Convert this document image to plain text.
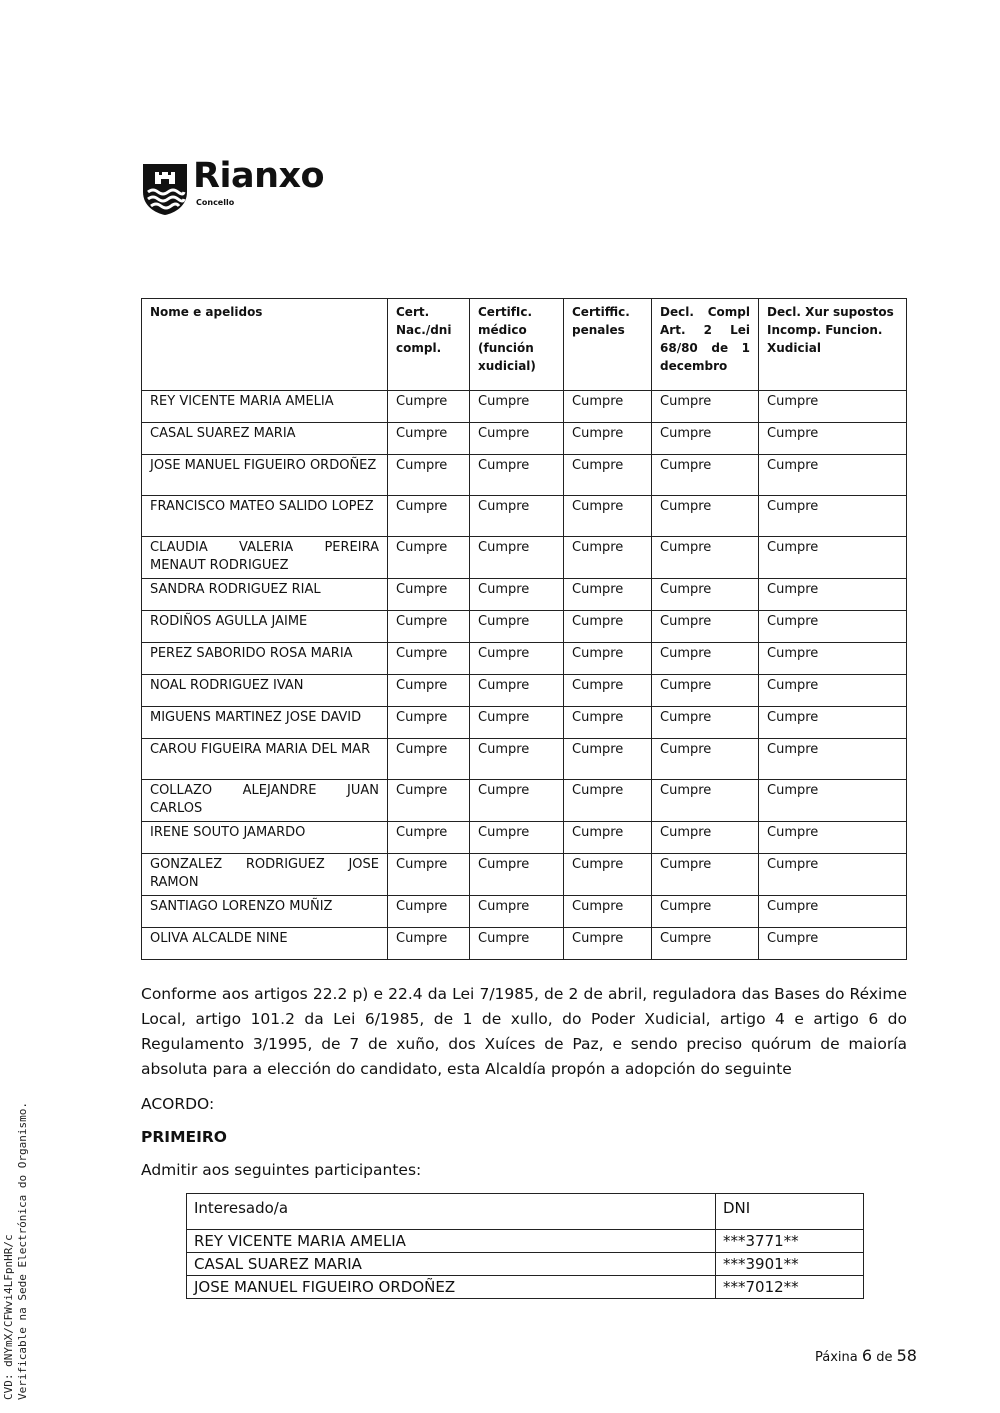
Rianxo
Concello
Nome e apelidos	Cert. Nac./dni compl.	CertifIc. médico (función xudicial)	Certiffic. penales	Decl. Compl Art. 2 Lei 68/80 de 1 decembro	Decl. Xur supostos Incomp. Funcion. Xudicial
REY VICENTE MARIA AMELIA	Cumpre	Cumpre	Cumpre	Cumpre	Cumpre
CASAL SUAREZ MARIA	Cumpre	Cumpre	Cumpre	Cumpre	Cumpre
JOSE MANUEL FIGUEIRO ORDOÑEZ	Cumpre	Cumpre	Cumpre	Cumpre	Cumpre
FRANCISCO MATEO SALIDO LOPEZ	Cumpre	Cumpre	Cumpre	Cumpre	Cumpre
CLAUDIA VALERIA PEREIRA MENAUT RODRIGUEZ	Cumpre	Cumpre	Cumpre	Cumpre	Cumpre
SANDRA RODRIGUEZ RIAL	Cumpre	Cumpre	Cumpre	Cumpre	Cumpre
RODIÑOS AGULLA JAIME	Cumpre	Cumpre	Cumpre	Cumpre	Cumpre
PEREZ SABORIDO ROSA MARIA	Cumpre	Cumpre	Cumpre	Cumpre	Cumpre
NOAL RODRIGUEZ IVAN	Cumpre	Cumpre	Cumpre	Cumpre	Cumpre
MIGUENS MARTINEZ JOSE DAVID	Cumpre	Cumpre	Cumpre	Cumpre	Cumpre
CAROU FIGUEIRA MARIA DEL MAR	Cumpre	Cumpre	Cumpre	Cumpre	Cumpre
COLLAZO ALEJANDRE JUAN CARLOS	Cumpre	Cumpre	Cumpre	Cumpre	Cumpre
IRENE SOUTO JAMARDO	Cumpre	Cumpre	Cumpre	Cumpre	Cumpre
GONZALEZ RODRIGUEZ JOSE RAMON	Cumpre	Cumpre	Cumpre	Cumpre	Cumpre
SANTIAGO LORENZO MUÑIZ	Cumpre	Cumpre	Cumpre	Cumpre	Cumpre
OLIVA ALCALDE NINE	Cumpre	Cumpre	Cumpre	Cumpre	Cumpre
Conforme aos artigos 22.2 p) e 22.4 da Lei 7/1985, de 2 de abril, reguladora das Bases do Réxime Local, artigo 101.2 da Lei 6/1985, de 1 de xullo, do Poder Xudicial, artigo 4 e artigo 6 do Regulamento 3/1995, de 7 de xuño, dos Xuíces de Paz, e sendo preciso quórum de maioría absoluta para a elección do candidato, esta Alcaldía propón a adopción do seguinte
ACORDO:
PRIMEIRO
Admitir aos seguintes participantes:
Interesado/a	DNI
REY VICENTE MARIA AMELIA	***3771**
CASAL SUAREZ MARIA	***3901**
JOSE MANUEL FIGUEIRO ORDOÑEZ	***7012**
CVD: dNYmX/CFWvi4LFpnHR/c Verificable na Sede Electrónica do Organismo.	Páxina 6 de 58
